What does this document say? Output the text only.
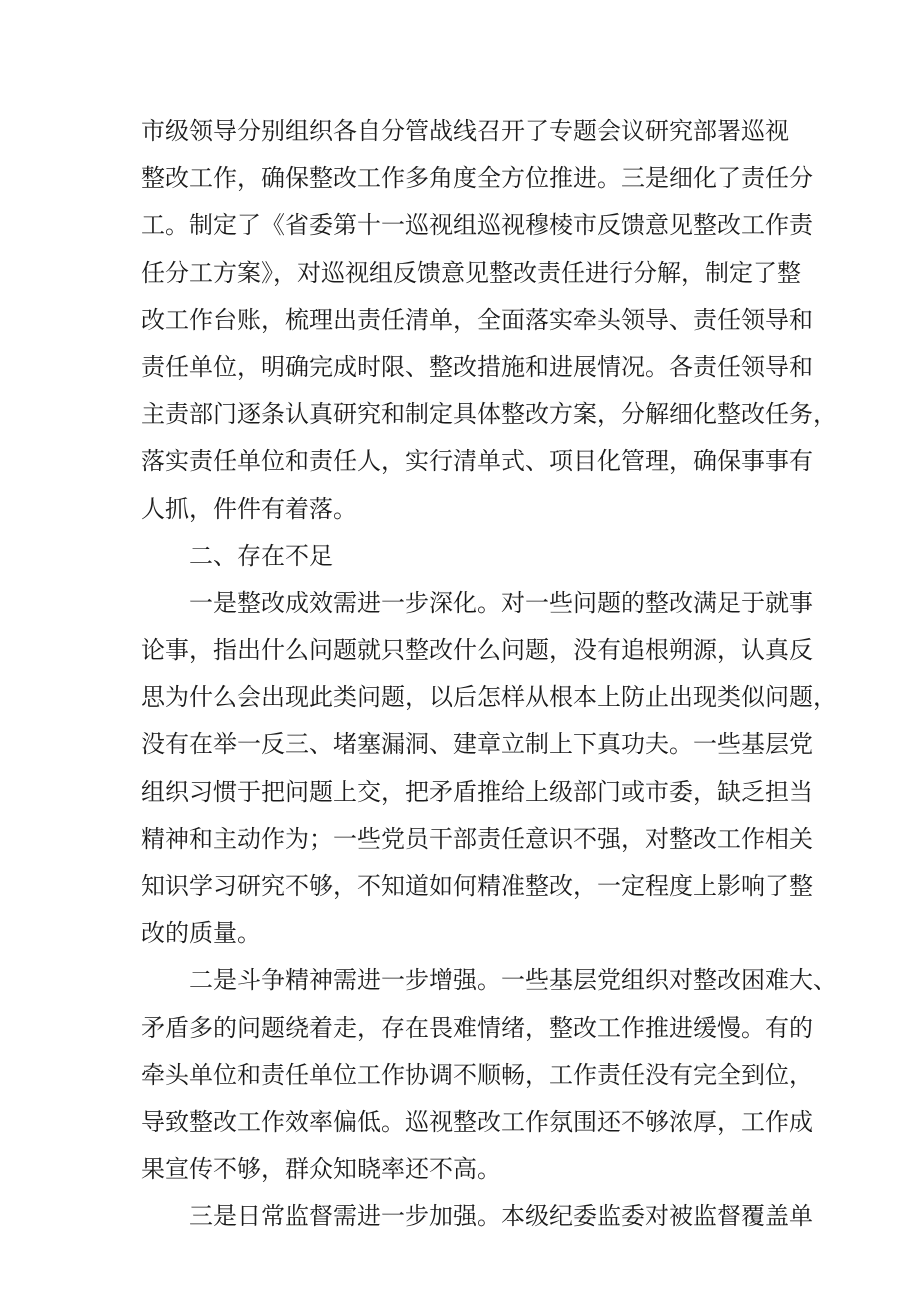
市级领导分别组织各自分管战线召开了专题会议研究部署巡视
整改工作，确保整改工作多角度全方位推进。三是细化了责任分
工。制定了《省委第十一巡视组巡视穆棱市反馈意见整改工作责
任分工方案》，对巡视组反馈意见整改责任进行分解，制定了整
改工作台账，梳理出责任清单，全面落实牵头领导、责任领导和
责任单位，明确完成时限、整改措施和进展情况。各责任领导和
主责部门逐条认真研究和制定具体整改方案，分解细化整改任务，
落实责任单位和责任人，实行清单式、项目化管理，确保事事有
人抓，件件有着落。
二、存在不足
一是整改成效需进一步深化。对一些问题的整改满足于就事
论事，指出什么问题就只整改什么问题，没有追根朔源，认真反
思为什么会出现此类问题，以后怎样从根本上防止出现类似问题，
没有在举一反三、堵塞漏洞、建章立制上下真功夫。一些基层党
组织习惯于把问题上交，把矛盾推给上级部门或市委，缺乏担当
精神和主动作为；一些党员干部责任意识不强，对整改工作相关
知识学习研究不够，不知道如何精准整改，一定程度上影响了整
改的质量。
二是斗争精神需进一步增强。一些基层党组织对整改困难大、
矛盾多的问题绕着走，存在畏难情绪，整改工作推进缓慢。有的
牵头单位和责任单位工作协调不顺畅，工作责任没有完全到位，
导致整改工作效率偏低。巡视整改工作氛围还不够浓厚，工作成
果宣传不够，群众知晓率还不高。
三是日常监督需进一步加强。本级纪委监委对被监督覆盖单
